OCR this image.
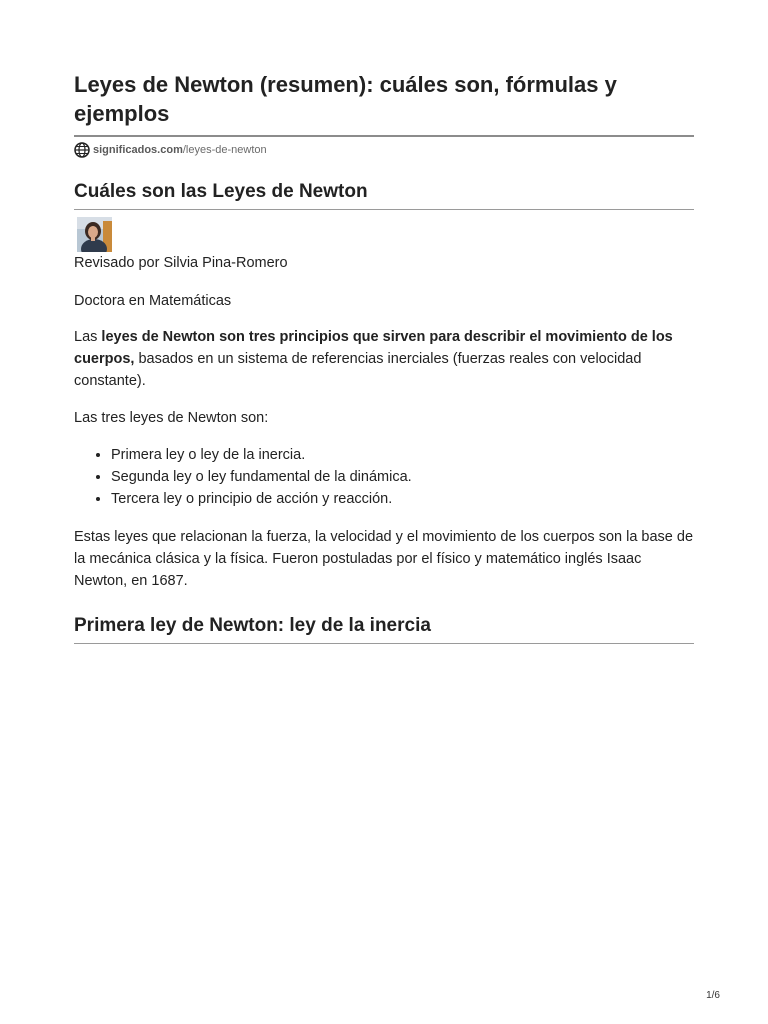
Leyes de Newton (resumen): cuáles son, fórmulas y ejemplos
significados.com /leyes-de-newton
Cuáles son las Leyes de Newton

Revisado por Silvia Pina-Romero

Doctora en Matemáticas

Las leyes de Newton son tres principios que sirven para describir el movimiento de los cuerpos, basados en un sistema de referencias inerciales (fuerzas reales con velocidad constante).

Las tres leyes de Newton son:

• Primera ley o ley de la inercia.
• Segunda ley o ley fundamental de la dinámica.
• Tercera ley o principio de acción y reacción.

Estas leyes que relacionan la fuerza, la velocidad y el movimiento de los cuerpos son la base de la mecánica clásica y la física. Fueron postuladas por el físico y matemático inglés Isaac Newton, en 1687.

Primera ley de Newton: ley de la inercia
1/6
